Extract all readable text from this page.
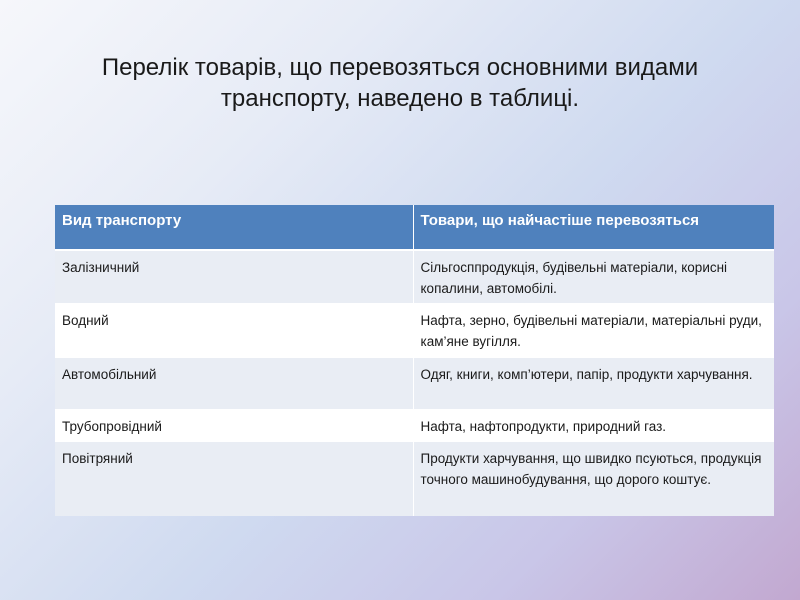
Перелік товарів, що перевозяться основними видами
транспорту, наведено в таблиці.
Вид транспорту	Товари, що найчастіше перевозяться
Залізничний	Сільгосппродукція, будівельні матеріали, корисні копалини, автомобілі.
Водний	Нафта, зерно, будівельні матеріали, матеріальні руди, кам’яне вугілля.
Автомобільний	Одяг, книги, комп’ютери, папір, продукти харчування.
Трубопровідний	Нафта, нафтопродукти, природний газ.
Повітряний	Продукти харчування, що швидко псуються, продукція точного машинобудування, що дорого коштує.
